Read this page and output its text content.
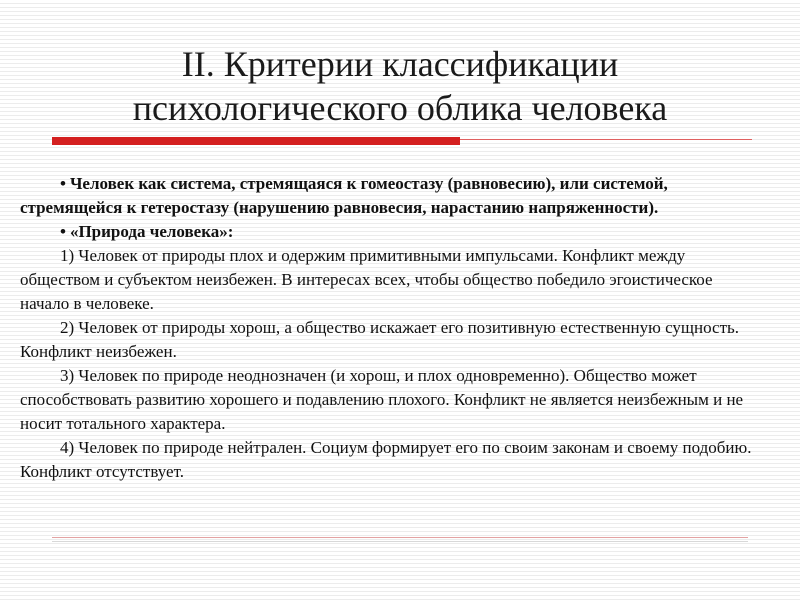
II. Критерии классификации
психологического облика человека

• Человек как система, стремящаяся к гомеостазу (равновесию), или системой, стремящейся к гетеростазу (нарушению равновесия, нарастанию напряженности).

• «Природа человека»:

1) Человек от природы плох и одержим примитивными импульсами. Конфликт между обществом и субъектом неизбежен. В интересах всех, чтобы общество победило эгоистическое начало в человеке.

2) Человек от природы хорош, а общество искажает его позитивную естественную сущность. Конфликт неизбежен.

3) Человек по природе неоднозначен (и хорош, и плох одновременно). Общество может способствовать развитию хорошего и подавлению плохого. Конфликт не является неизбежным и не носит тотального характера.

4) Человек по природе нейтрален. Социум формирует его по своим законам и своему подобию. Конфликт отсутствует.
